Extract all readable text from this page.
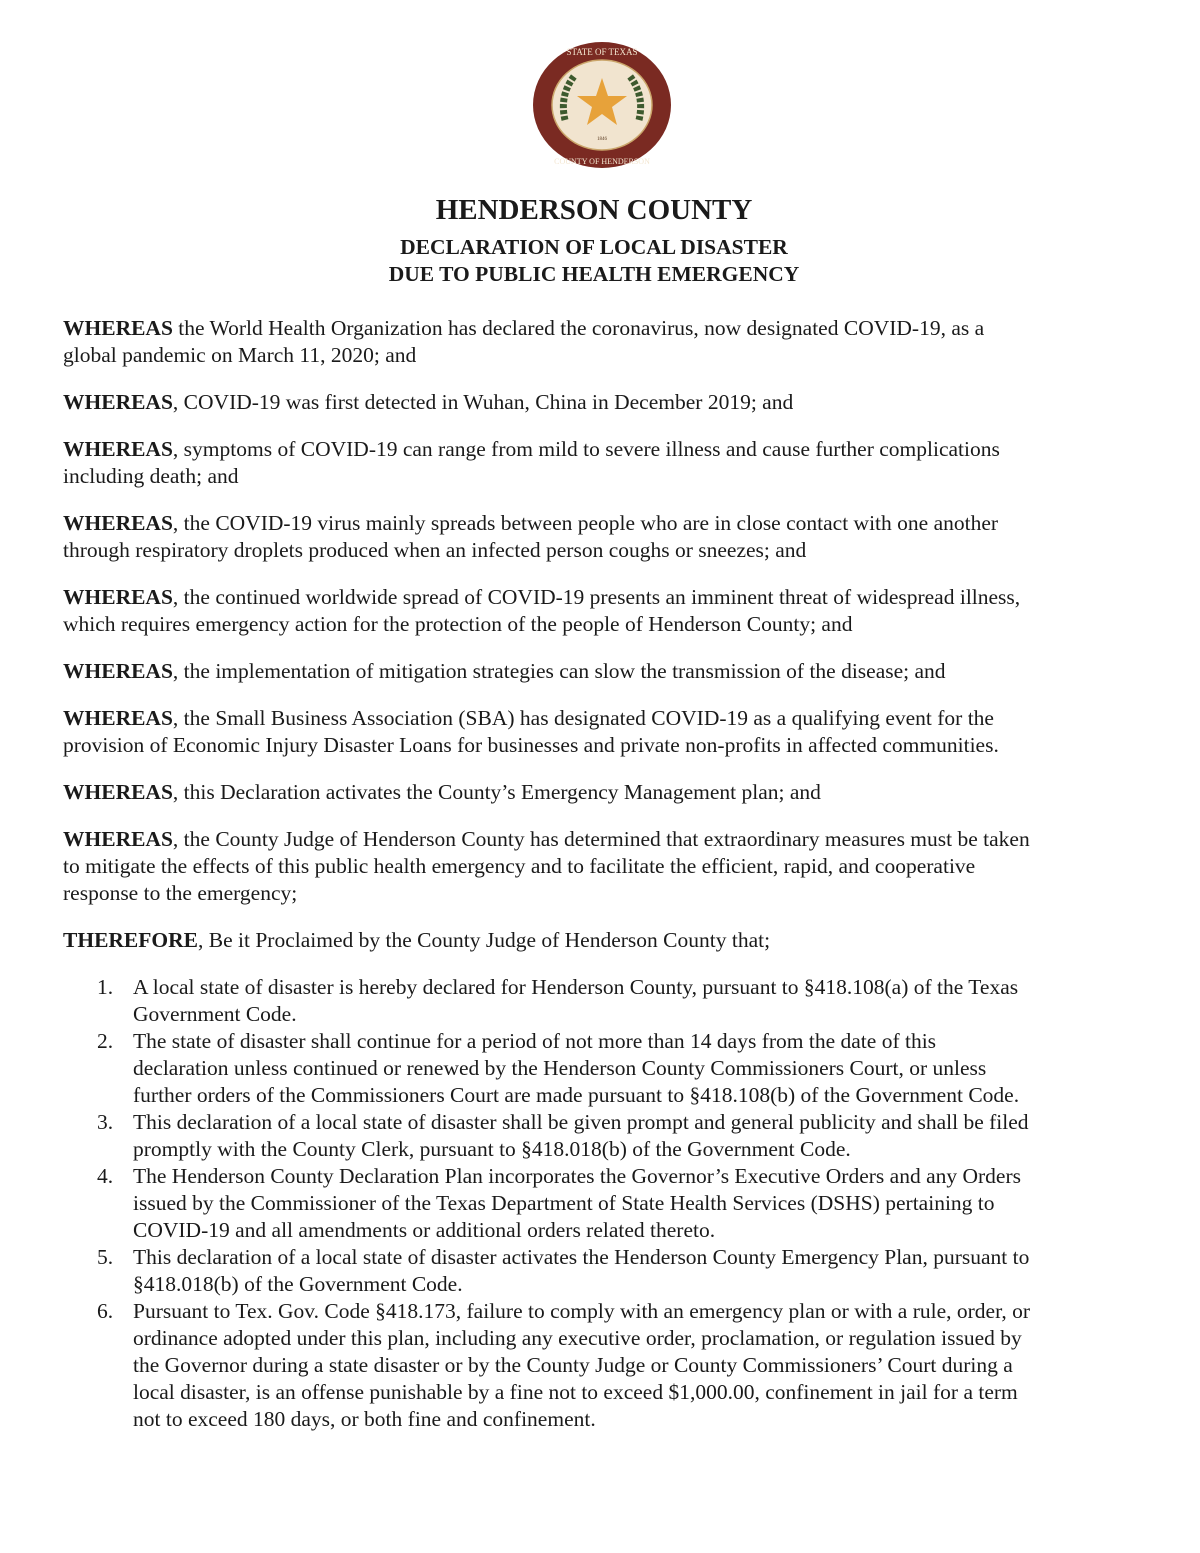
STATE OF TEXAS
COUNTY OF HENDERSON
1846
HENDERSON COUNTY
DECLARATION OF LOCAL DISASTER
DUE TO PUBLIC HEALTH EMERGENCY
WHEREAS the World Health Organization has declared the coronavirus, now designated COVID-19, as a
global pandemic on March 11, 2020; and
WHEREAS, COVID-19 was first detected in Wuhan, China in December 2019; and
WHEREAS, symptoms of COVID-19 can range from mild to severe illness and cause further complications
including death; and
WHEREAS, the COVID-19 virus mainly spreads between people who are in close contact with one another
through respiratory droplets produced when an infected person coughs or sneezes; and
WHEREAS, the continued worldwide spread of COVID-19 presents an imminent threat of widespread illness,
which requires emergency action for the protection of the people of Henderson County; and
WHEREAS, the implementation of mitigation strategies can slow the transmission of the disease; and
WHEREAS, the Small Business Association (SBA) has designated COVID-19 as a qualifying event for the
provision of Economic Injury Disaster Loans for businesses and private non-profits in affected communities.
WHEREAS, this Declaration activates the County’s Emergency Management plan; and
WHEREAS, the County Judge of Henderson County has determined that extraordinary measures must be taken
to mitigate the effects of this public health emergency and to facilitate the efficient, rapid, and cooperative
response to the emergency;
THEREFORE, Be it Proclaimed by the County Judge of Henderson County that;
1. A local state of disaster is hereby declared for Henderson County, pursuant to §418.108(a) of the Texas
Government Code.
2. The state of disaster shall continue for a period of not more than 14 days from the date of this
declaration unless continued or renewed by the Henderson County Commissioners Court, or unless
further orders of the Commissioners Court are made pursuant to §418.108(b) of the Government Code.
3. This declaration of a local state of disaster shall be given prompt and general publicity and shall be filed
promptly with the County Clerk, pursuant to §418.018(b) of the Government Code.
4. The Henderson County Declaration Plan incorporates the Governor’s Executive Orders and any Orders
issued by the Commissioner of the Texas Department of State Health Services (DSHS) pertaining to
COVID-19 and all amendments or additional orders related thereto.
5. This declaration of a local state of disaster activates the Henderson County Emergency Plan, pursuant to
§418.018(b) of the Government Code.
6. Pursuant to Tex. Gov. Code §418.173, failure to comply with an emergency plan or with a rule, order, or
ordinance adopted under this plan, including any executive order, proclamation, or regulation issued by
the Governor during a state disaster or by the County Judge or County Commissioners’ Court during a
local disaster, is an offense punishable by a fine not to exceed $1,000.00, confinement in jail for a term
not to exceed 180 days, or both fine and confinement.
